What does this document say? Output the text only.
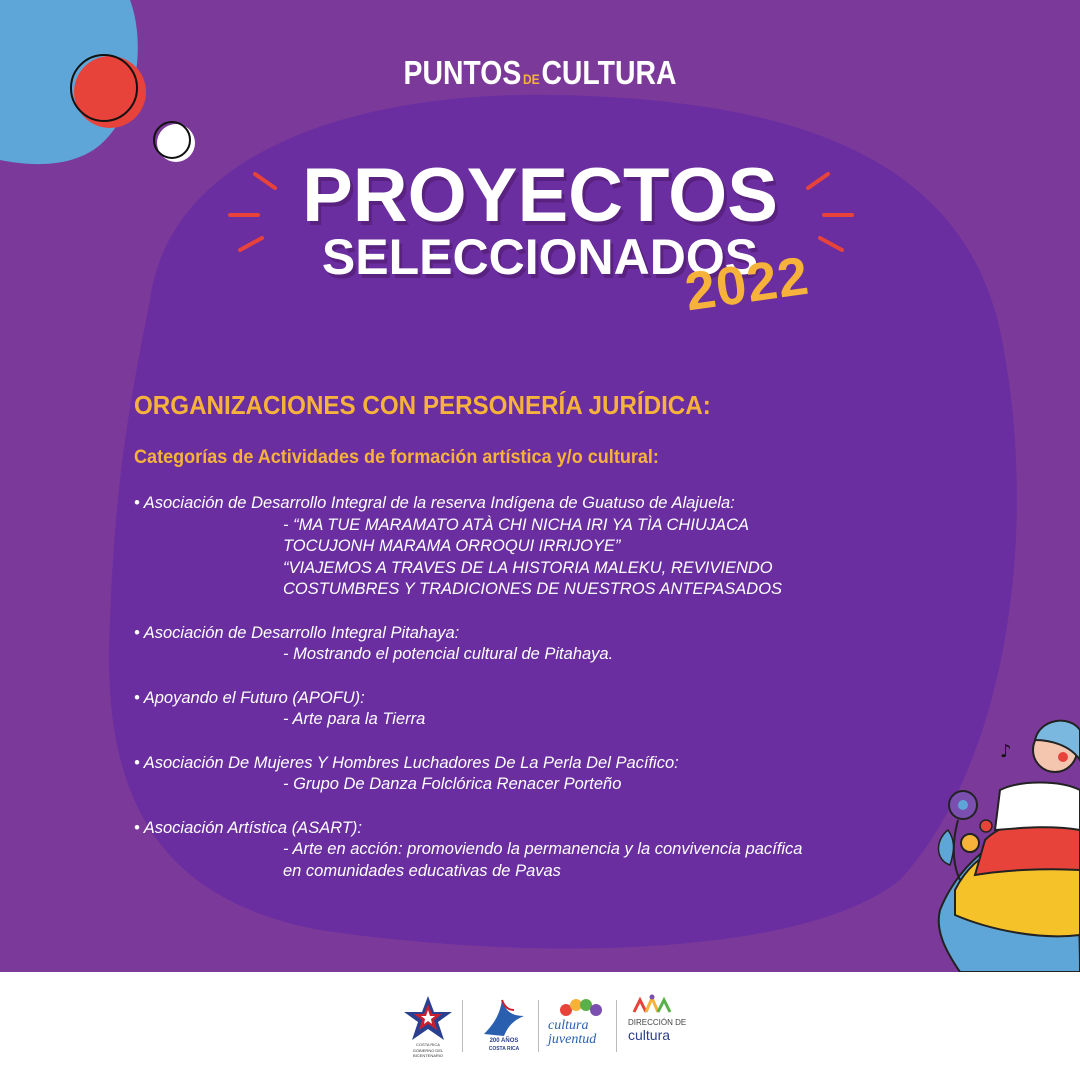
♪
PUNTOS DECULTURA
PROYECTOS
SELECCIONADOS
2022
ORGANIZACIONES CON PERSONERÍA JURÍDICA:
Categorías de Actividades de formación artística y/o cultural:
• Asociación de Desarrollo Integral de la reserva Indígena de Guatuso de Alajuela:
- “MA TUE MARAMATO ATÀ CHI NICHA IRI YA TÌA CHIUJACA
TOCUJONH MARAMA ORROQUI IRRIJOYE”
“VIAJEMOS A TRAVES DE LA HISTORIA MALEKU, REVIVIENDO
COSTUMBRES Y TRADICIONES DE NUESTROS ANTEPASADOS
• Asociación de Desarrollo Integral Pitahaya:
- Mostrando el potencial cultural de Pitahaya.
• Apoyando el Futuro (APOFU):
- Arte para la Tierra
• Asociación De Mujeres Y Hombres Luchadores De La Perla Del Pacífico:
- Grupo De Danza Folclórica Renacer Porteño
• Asociación Artística (ASART):
- Arte en acción: promoviendo la permanencia y la convivencia pacífica
en comunidades educativas de Pavas
COSTA RICA
GOBIERNO DEL BICENTENARIO
200 AÑOS
COSTA RICA
cultura
juventud
DIRECCIÓN DE
cultura
